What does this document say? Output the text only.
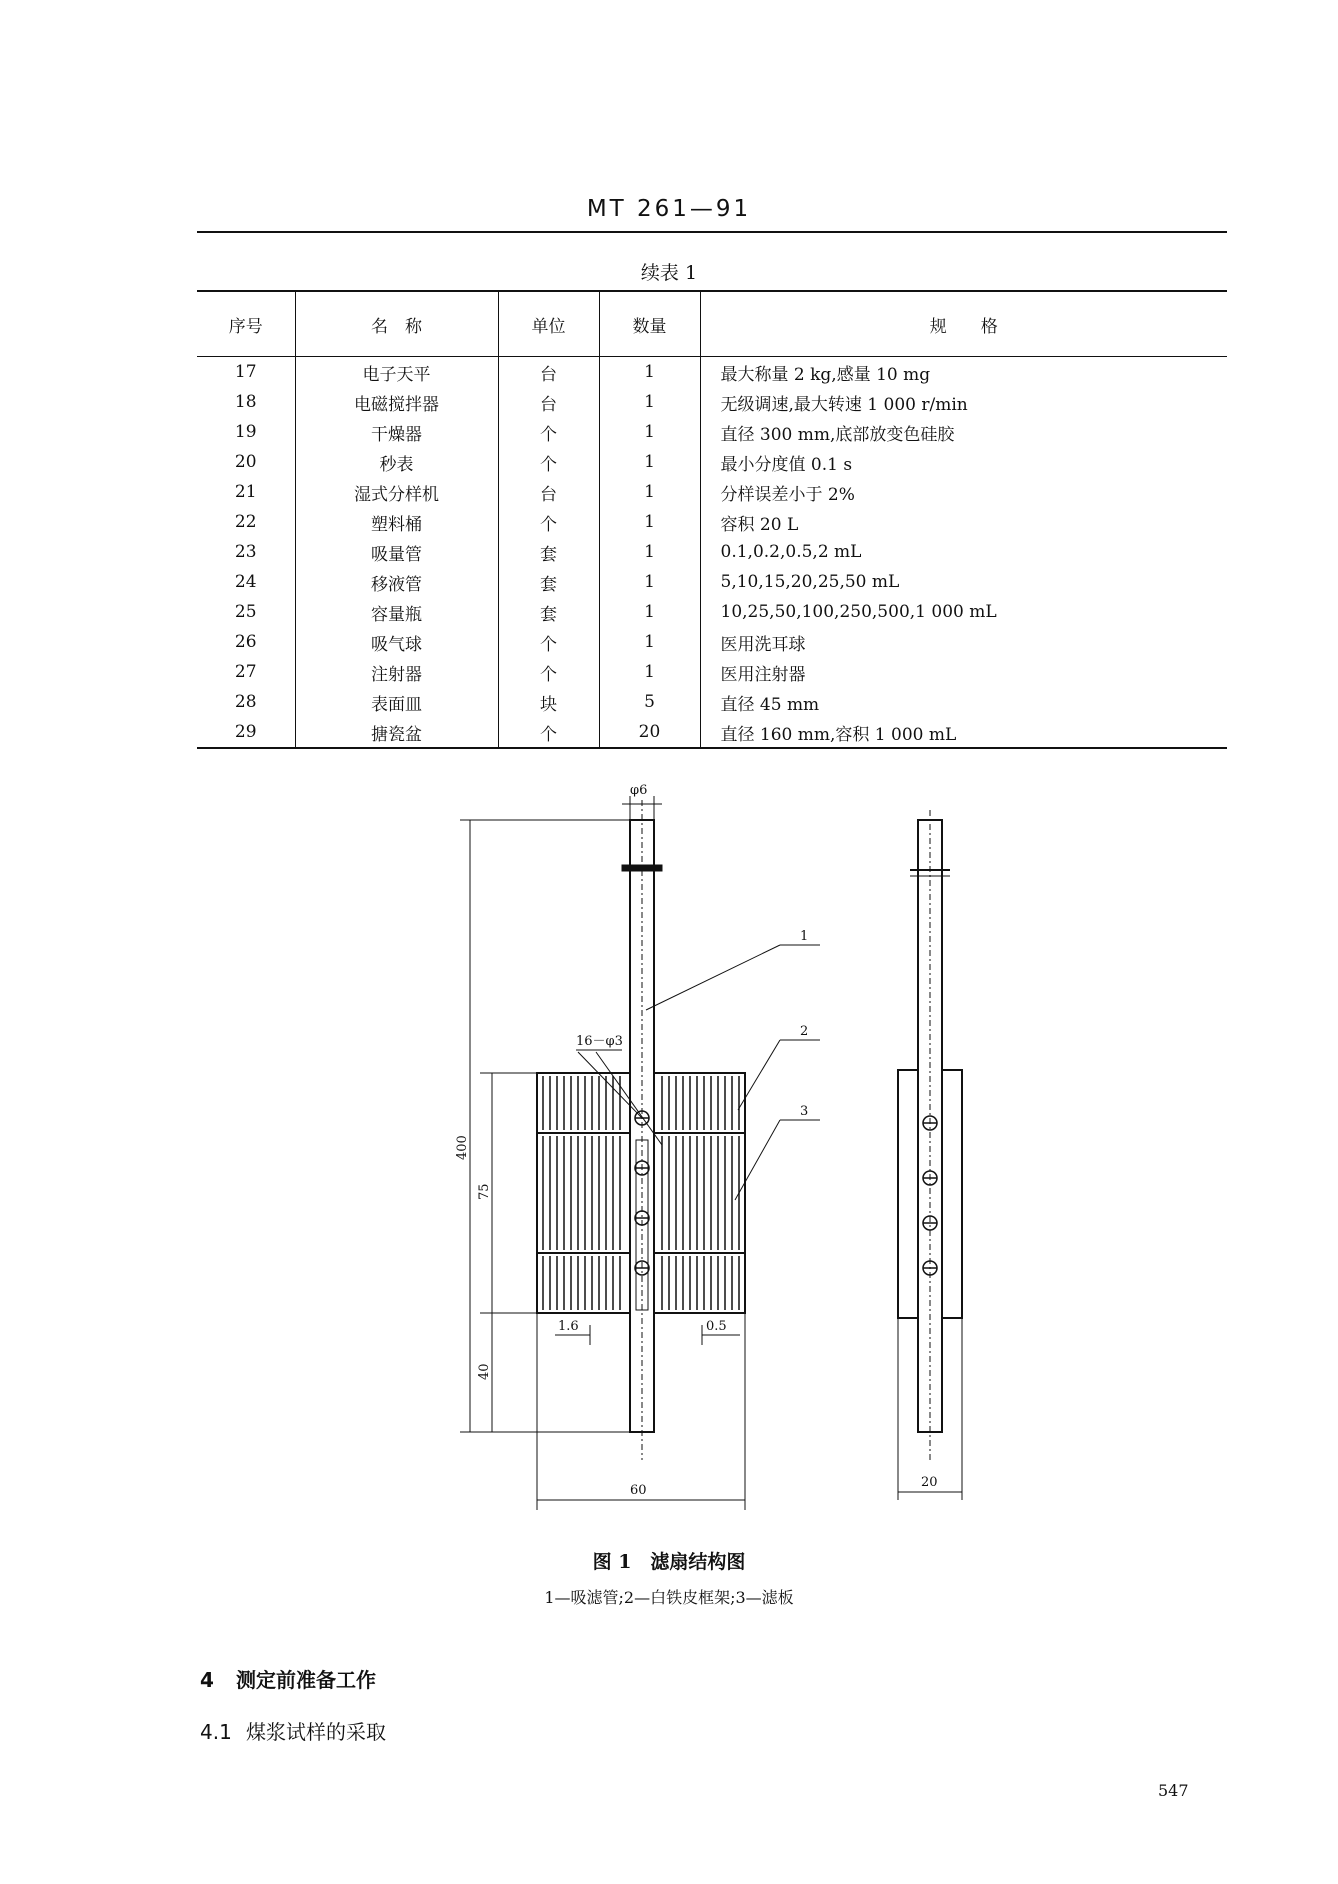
MT 261—91
续表 1
序号	名　称	单位	数量	规　　格
17	电子天平	台	1	最大称量 2 kg,感量 10 mg
18	电磁搅拌器	台	1	无级调速,最大转速 1 000 r/min
19	干燥器	个	1	直径 300 mm,底部放变色硅胶
20	秒表	个	1	最小分度值 0.1 s
21	湿式分样机	台	1	分样误差小于 2%
22	塑料桶	个	1	容积 20 L
23	吸量管	套	1	0.1,0.2,0.5,2 mL
24	移液管	套	1	5,10,15,20,25,50 mL
25	容量瓶	套	1	10,25,50,100,250,500,1 000 mL
26	吸气球	个	1	医用洗耳球
27	注射器	个	1	医用注射器
28	表面皿	块	5	直径 45 mm
29	搪瓷盆	个	20	直径 160 mm,容积 1 000 mL
φ6
400
75
40
1.6	0.5
60
16－φ3
1
2
3
20
图 1　滤扇结构图
1—吸滤管;2—白铁皮框架;3—滤板
4 测定前准备工作
4.1 煤浆试样的采取
547
